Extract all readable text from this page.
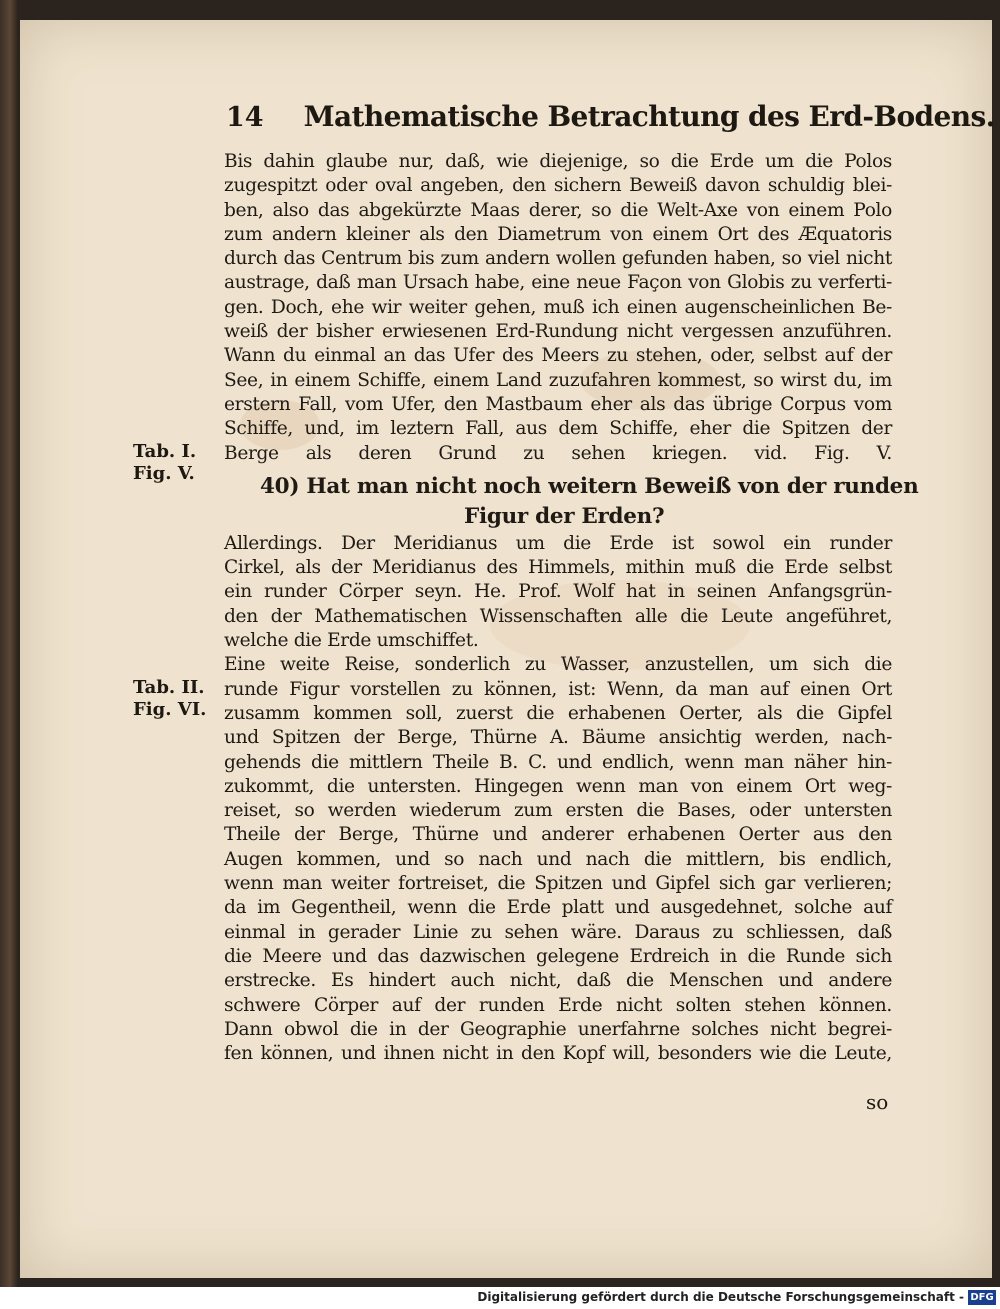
14 Mathematische Betrachtung des Erd-Bodens.
Bis dahin glaube nur, daß, wie diejenige, so die Erde um die Polos
zugespitzt oder oval angeben, den sichern Beweiß davon schuldig blei-
ben, also das abgekürzte Maas derer, so die Welt-Axe von einem Polo
zum andern kleiner als den Diametrum von einem Ort des Æquatoris
durch das Centrum bis zum andern wollen gefunden haben, so viel nicht
austrage, daß man Ursach habe, eine neue Façon von Globis zu verferti-
gen. Doch, ehe wir weiter gehen, muß ich einen augenscheinlichen Be-
weiß der bisher erwiesenen Erd-Rundung nicht vergessen anzuführen.
Wann du einmal an das Ufer des Meers zu stehen, oder, selbst auf der
See, in einem Schiffe, einem Land zuzufahren kommest, so wirst du, im
erstern Fall, vom Ufer, den Mastbaum eher als das übrige Corpus vom
Schiffe, und, im leztern Fall, aus dem Schiffe, eher die Spitzen der
Berge als deren Grund zu sehen kriegen. vid. Fig. V.
40) Hat man nicht noch weitern Beweiß von der runden
Figur der Erden?
Allerdings. Der Meridianus um die Erde ist sowol ein runder
Cirkel, als der Meridianus des Himmels, mithin muß die Erde selbst
ein runder Cörper seyn. He. Prof. Wolf hat in seinen Anfangsgrün-
den der Mathematischen Wissenschaften alle die Leute angeführet,
welche die Erde umschiffet.
Eine weite Reise, sonderlich zu Wasser, anzustellen, um sich die
runde Figur vorstellen zu können, ist: Wenn, da man auf einen Ort
zusamm kommen soll, zuerst die erhabenen Oerter, als die Gipfel
und Spitzen der Berge, Thürne A. Bäume ansichtig werden, nach-
gehends die mittlern Theile B. C. und endlich, wenn man näher hin-
zukommt, die untersten. Hingegen wenn man von einem Ort weg-
reiset, so werden wiederum zum ersten die Bases, oder untersten
Theile der Berge, Thürne und anderer erhabenen Oerter aus den
Augen kommen, und so nach und nach die mittlern, bis endlich,
wenn man weiter fortreiset, die Spitzen und Gipfel sich gar verlieren;
da im Gegentheil, wenn die Erde platt und ausgedehnet, solche auf
einmal in gerader Linie zu sehen wäre. Daraus zu schliessen, daß
die Meere und das dazwischen gelegene Erdreich in die Runde sich
erstrecke. Es hindert auch nicht, daß die Menschen und andere
schwere Cörper auf der runden Erde nicht solten stehen können.
Dann obwol die in der Geographie unerfahrne solches nicht begrei-
fen können, und ihnen nicht in den Kopf will, besonders wie die Leute,
Tab. I.
Fig. V.
Tab. II.
Fig. VI.
so
Digitalisierung gefördert durch die Deutsche Forschungsgemeinschaft - DFG
